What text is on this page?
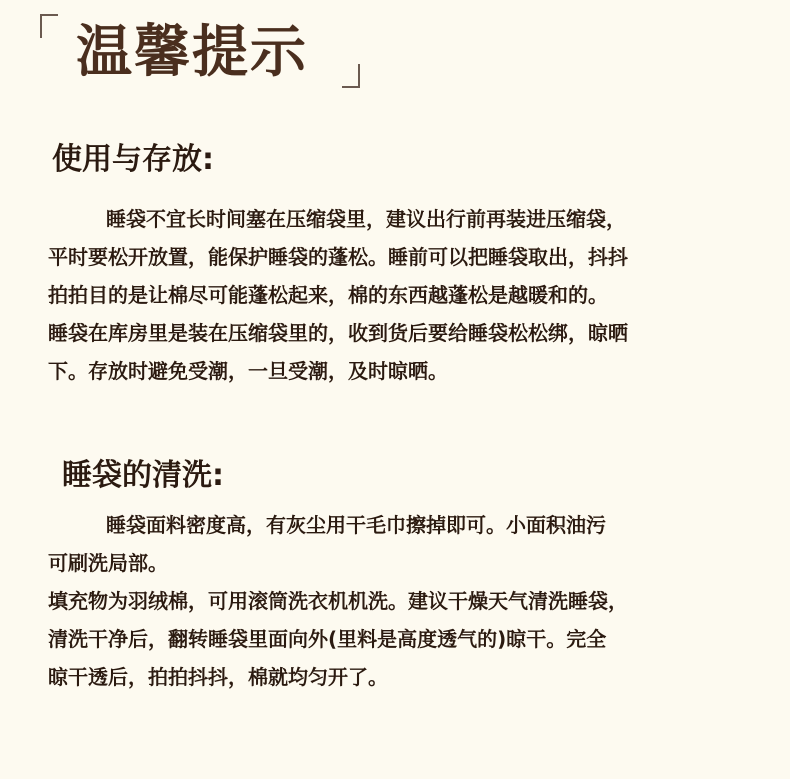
温馨提示
使用与存放:
睡袋不宜长时间塞在压缩袋里，建议出行前再装进压缩袋，
平时要松开放置，能保护睡袋的蓬松。睡前可以把睡袋取出，抖抖
拍拍目的是让棉尽可能蓬松起来，棉的东西越蓬松是越暖和的。
睡袋在库房里是装在压缩袋里的，收到货后要给睡袋松松绑，晾晒
下。存放时避免受潮，一旦受潮，及时晾晒。
睡袋的清洗:
睡袋面料密度高，有灰尘用干毛巾擦掉即可。小面积油污
可刷洗局部。
填充物为羽绒棉，可用滚筒洗衣机机洗。建议干燥天气清洗睡袋，
清洗干净后，翻转睡袋里面向外(里料是高度透气的)晾干。完全
晾干透后，拍拍抖抖，棉就均匀开了。
